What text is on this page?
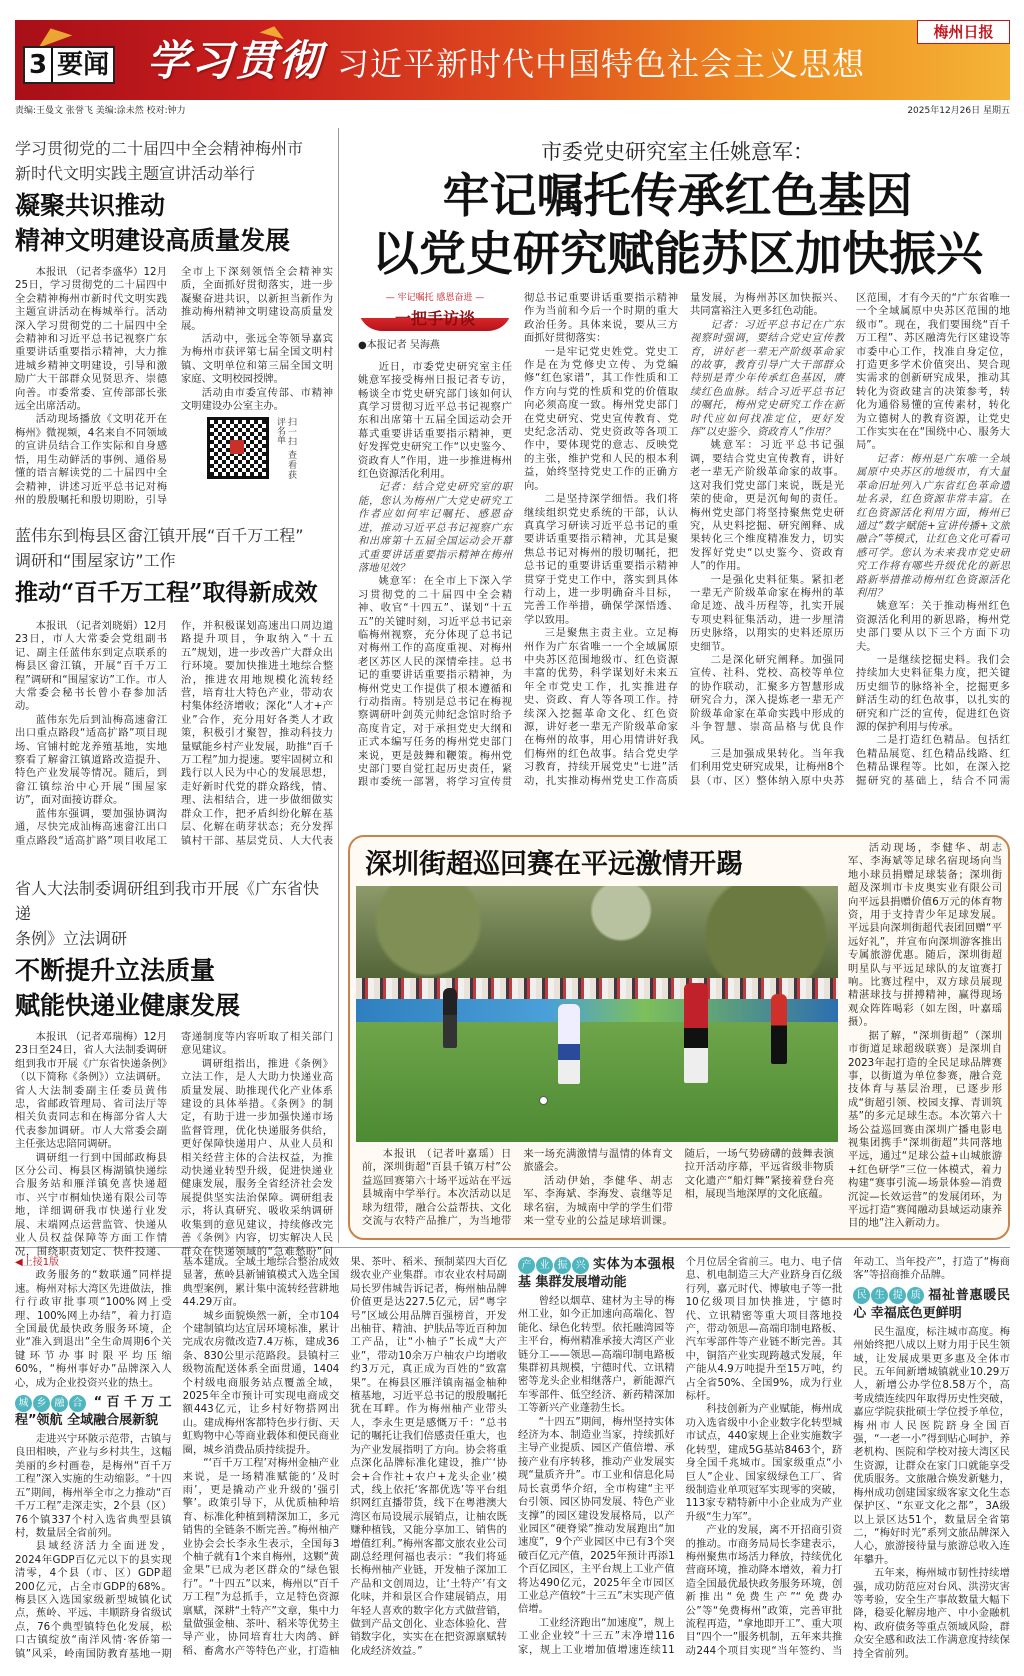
3 要闻 学习贯彻 习近平新时代中国特色社会主义思想
梅州日报
责编:王曼文 张誉飞 美编:涂未然 校对:钟力	2025年12月26日 星期五
学习贯彻党的二十届四中全会精神梅州市
新时代文明实践主题宣讲活动举行
凝聚共识推动
精神文明建设高质量发展

本报讯 （记者李盛华）12月25日，学习贯彻党的二十届四中全会精神梅州市新时代文明实践主题宣讲活动在梅城举行。活动深入学习贯彻党的二十届四中全会精神和习近平总书记视察广东重要讲话重要指示精神，大力推进城乡精神文明建设，引导和激励广大干部群众见贤思齐、崇德向善。市委常委、宣传部部长张远全出席活动。

活动现场播放《文明花开在梅州》微视频，4名来自不同领域的宣讲员结合工作实际和自身感悟，用生动鲜活的事例、通俗易懂的语言解读党的二十届四中全会精神，讲述习近平总书记对梅州的殷殷嘱托和殷切期盼，引导全市上下深刻领悟全会精神实质，全面抓好贯彻落实，进一步凝聚奋进共识，以新担当新作为推动梅州精神文明建设高质量发展。

活动中，张远全等领导嘉宾为梅州市获评第七届全国文明村镇、文明单位和第三届全国文明家庭、文明校园授牌。

活动由市委宣传部、市精神文明建设办公室主办。

扫一扫 查看获评名单
蓝伟东到梅县区畲江镇开展“百千万工程”
调研和“围屋家访”工作
推动“百千万工程”取得新成效

本报讯 （记者刘晓娟）12月23日，市人大常委会党组副书记、副主任蓝伟东到定点联系的梅县区畲江镇，开展“百千万工程”调研和“围屋家访”工作。市人大常委会秘书长曾小春参加活动。

蓝伟东先后到汕梅高速畲江出口重点路段“适高扩路”项目现场、官铺村蛇龙养殖基地，实地察看了解畲江镇道路改造提升、特色产业发展等情况。随后，到畲江镇综治中心开展“围屋家访”，面对面接访群众。

蓝伟东强调，要加强协调沟通，尽快完成汕梅高速畲江出口重点路段“适高扩路”项目收尾工作，并积极谋划高速出口周边道路提升项目，争取纳入“十五五”规划，进一步改善广大群众出行环境。要加快推进土地综合整治，推进农用地规模化流转经营，培育壮大特色产业，带动农村集体经济增收；深化“人才+产业”合作，充分用好各类人才政策，积极引才聚智，推动科技力量赋能乡村产业发展，助推“百千万工程”加力提速。要牢固树立和践行以人民为中心的发展思想，走好新时代党的群众路线，情、理、法相结合，进一步做细做实群众工作，把矛盾纠纷化解在基层、化解在萌芽状态；充分发挥镇村干部、基层党员、人大代表

省人大法制委调研组到我市开展《广东省快递
条例》立法调研
不断提升立法质量
赋能快递业健康发展

本报讯 （记者邓瑞梅）12月23日至24日，省人大法制委调研组到我市开展《广东省快递条例》（以下简称《条例》）立法调研。省人大法制委副主任委员黄伟忠，省邮政管理局、省司法厅等相关负责同志和在梅部分省人大代表参加调研。市人大常委会副主任张达忠陪同调研。

调研组一行到中国邮政梅县区分公司、梅县区梅湖镇快递综合服务站和雁洋镇免喜快递超市、兴宁市桐灿快递有限公司等地，详细调研我市快递行业发展、末端网点运营监管、快递从业人员权益保障等方面工作情况，围绕职责划定、快件投递、寄递制度等内容听取了相关部门意见建议。

调研组指出，推进《条例》立法工作，是人大助力快递业高质量发展、助推现代化产业体系建设的具体举措。《条例》的制定，有助于进一步加强快递市场监督管理，优化快递服务供给，更好保障快递用户、从业人员和相关经营主体的合法权益，为推动快递业转型升级，促进快递业健康发展，服务全省经济社会发展提供坚实法治保障。调研组表示，将认真研究、吸收采纳调研收集到的意见建议，持续修改完善《条例》内容，切实解决人民群众在快递领域的“急难愁盼”问

市委党史研究室主任姚意军：
牢记嘱托传承红色基因
以党史研究赋能苏区加快振兴
— 牢记嘱托 感恩奋进 —
一把手访谈
●本报记者 吴海燕

近日，市委党史研究室主任姚意军接受梅州日报记者专访，畅谈全市党史研究部门该如何认真学习贯彻习近平总书记视察广东和出席第十五届全国运动会开幕式重要讲话重要指示精神，更好发挥党史研究工作“以史鉴今、资政育人”作用，进一步推进梅州红色资源活化利用。

记者：结合党史研究室的职能，您认为梅州广大党史研究工作者应如何牢记嘱托、感恩奋进，推动习近平总书记视察广东和出席第十五届全国运动会开幕式重要讲话重要指示精神在梅州落地见效？

姚意军：在全市上下深入学习贯彻党的二十届四中全会精神、收官“十四五”、谋划“十五五”的关键时刻，习近平总书记亲临梅州视察，充分体现了总书记对梅州工作的高度重视、对梅州老区苏区人民的深情牵挂。总书记的重要讲话重要指示精神，为梅州党史工作提供了根本遵循和行动指南。特别是总书记在梅视察调研叶剑英元帅纪念馆时给予高度肯定，对于承担党史大纲和正式本编写任务的梅州党史部门来说，更是鼓舞和鞭策。梅州党史部门要自觉扛起历史责任，紧跟市委统一部署，将学习宣传贯彻总书记重要讲话重要指示精神作为当前和今后一个时期的重大政治任务。具体来说，要从三方面抓好贯彻落实：

一是牢记党史姓党。党史工作是在为党修史立传、为党编修“红色家谱”，其工作性质和工作方向与党的性质和党的价值取向必须高度一致。梅州党史部门在党史研究、党史宣传教育、党史纪念活动、党史资政等各项工作中，要体现党的意志、反映党的主张，维护党和人民的根本利益，始终坚持党史工作的正确方向。

二是坚持深学细悟。我们将继续组织党史系统的干部，认认真真学习研读习近平总书记的重要讲话重要指示精神，尤其是聚焦总书记对梅州的殷切嘱托，把总书记的重要讲话重要指示精神贯穿于党史工作中，落实到具体行动上，进一步明确奋斗目标，完善工作举措，确保学深悟透、学以致用。

三是聚焦主责主业。立足梅州作为广东省唯一一个全域属原中央苏区范围地级市、红色资源丰富的优势，科学谋划好未来五年全市党史工作，扎实推进存史、资政、育人等各项工作。持续深入挖掘革命文化、红色资源，讲好老一辈无产阶级革命家在梅州的故事，用心用情讲好我们梅州的红色故事。结合党史学习教育，持续开展党史“七进”活动，扎实推动梅州党史工作高质量发展，为梅州苏区加快振兴、共同富裕注入更多红色动能。

记者：习近平总书记在广东视察时强调，要结合党史宣传教育，讲好老一辈无产阶级革命家的故事，教育引导广大干部群众特别是青少年传承红色基因，赓续红色血脉。结合习近平总书记的嘱托，梅州党史研究工作在新时代应如何找准定位，更好发挥“以史鉴今、资政育人”作用？

姚意军：习近平总书记强调，要结合党史宣传教育，讲好老一辈无产阶级革命家的故事。这对我们党史部门来说，既是光荣的使命，更是沉甸甸的责任。梅州党史部门将坚持聚焦党史研究，从史料挖掘、研究阐释、成果转化三个维度精准发力，切实发挥好党史“以史鉴今、资政育人”的作用。

一是强化史料征集。紧扣老一辈无产阶级革命家在梅州的革命足迹、战斗历程等，扎实开展专项史料征集活动，进一步厘清历史脉络，以翔实的史料还原历史细节。

二是深化研究阐释。加强同宣传、社科、党校、高校等单位的协作联动，汇聚多方智慧形成研究合力，深入提炼老一辈无产阶级革命家在革命实践中形成的斗争智慧、崇高品格与优良作风。

三是加强成果转化。当年我们利用党史研究成果，让梅州8个县（市、区）整体纳入原中央苏区范围，才有今天的“广东省唯一一个全域属原中央苏区范围的地级市”。现在，我们要围绕“百千万工程”、苏区融湾先行区建设等市委中心工作，找准自身定位，打造更多学术价值突出、契合现实需求的创新研究成果，推动其转化为资政建言的决策参考，转化为通俗易懂的宣传素材，转化为立德树人的教育资源，让党史工作实实在在“围绕中心、服务大局”。

记者：梅州是广东唯一全域属原中央苏区的地级市，有大量革命旧址列入广东省红色革命遗址名录，红色资源非常丰富。在红色资源活化利用方面，梅州已通过“数字赋能+宣讲传播+文旅融合”等模式，让红色文化可看可感可学。您认为未来我市党史研究工作将有哪些升级优化的新思路新举措推动梅州红色资源活化利用？

姚意军：关于推动梅州红色资源活化利用的新思路，梅州党史部门要从以下三个方面下功夫。

一是继续挖掘史料。我们会持续加大史料征集力度，把关键历史细节的脉络补全，挖掘更多鲜活生动的红色故事，以扎实的研究和广泛的宣传，促进红色资源的保护利用与传承。

二是打造红色精品。包括红色精品展览、红色精品线路、红色精品课程等。比如，在深入挖掘研究的基础上，结合不同需

深圳街超巡回赛在平远激情开踢

本报讯 （记者叶嘉瑶）日前，深圳街超“百县千镇万村”公益巡回赛第六十场平远站在平远县城南中学举行。本次活动以足球为纽带，融合公益帮扶、文化交流与农特产品推广，为当地带来一场充满激情与温情的体育文旅盛会。

活动伊始，李健华、胡志军、李海斌、李海发、袁继等足球名宿，为城南中学的学生们带来一堂专业的公益足球培训课。随后，一场气势磅礴的鼓舞表演拉开活动序幕，平远省级非物质文化遗产“船灯舞”紧接着登台亮相，展现当地深厚的文化底蕴。

活动现场，李健华、胡志军、李海斌等足球名宿现场向当地小球员捐赠足球装备；深圳街超及深圳市卡皮奥实业有限公司向平远县捐赠价值6万元的体育物资，用于支持青少年足球发展。平远县向深圳街超代表团回赠“平远好礼”，并宣布向深圳游客推出专属旅游优惠。随后，深圳街超明星队与平远足球队的友谊赛打响。比赛过程中，双方球员展现精湛球技与拼搏精神，赢得现场观众阵阵喝彩（如左图，叶嘉瑶摄）。

据了解，“深圳街超”（深圳市街道足球超级联赛）是深圳自2023年起打造的全民足球品牌赛事，以街道为单位参赛，融合竞技体育与基层治理，已逐步形成“街超引领、校园支撑、青训筑基”的多元足球生态。本次第六十场公益巡回赛由深圳广播电影电视集团携手“深圳街超”共同落地平远，通过“足球公益+山城旅游+红色研学”三位一体模式，着力构建“赛事引流—场景体验—消费沉淀—长效运营”的发展闭环，为平远打造“赛闻融动县域运动康养目的地”注入新动力。

◀上接1版

政务服务的“数联通”同样提速。梅州对标大湾区先进做法，推行行政审批事项“100%网上受理、100%网上办结”，着力打造全国最优最快政务服务环境，企业“准入到退出”全生命周期6个关键环节办事时限平均压缩60%，“梅州事好办”品牌深入人心，成为企业投资兴业的热土。

城 乡 融 合 “百千万工程”领航 全域融合展新貌

走进兴宁环陂示范带，古镇与良田相映，产业与乡村共生，这幅美丽的乡村画卷，是梅州“百千万工程”深入实施的生动缩影。“十四五”期间，梅州举全市之力推动“百千万工程”走深走实，2个县（区）76个镇337个村入选省典型县镇村，数量居全省前列。

县域经济活力全面迸发，2024年GDP百亿元以下的县实现清零，4个县（市、区）GDP超200亿元，占全市GDP的68%。梅县区入选国家级新型城镇化试点，蕉岭、平远、丰顺跻身省级试点，76个典型镇特色化发展，松口古镇绽放“南洋风情·客侨第一镇”风采，岭南国防教育基地一期基本建成。全域土地综合整治成效显著，蕉岭县新铺镇模式入选全国典型案例，累计集中流转经营耕地44.29万亩。

城乡面貌焕然一新，全市104个建制镇均达宜居环境标准，累计完成农房微改造7.4万栋，建成36条、830公里示范路段。县镇村三级物流配送体系全面贯通，1404个村级电商服务站点覆盖全域，2025年全市预计可实现电商成交额443亿元，让乡村好物搭网出山。建成梅州客都特色步行街、天虹购物中心等商业载体和便民商业圈，城乡消费品质持续提升。

“‘百千万工程’对梅州金柚产业来说，是一场精准赋能的‘及时雨’，更是撬动产业升级的‘强引擎’。政策引导下，从优质柚种培育、标准化种植到精深加工，多元销售的全链条不断完善。”梅州柚产业协会会长李永生表示，全国每3个柚子就有1个来自梅州，这颗“黄金果”已成为老区群众的“绿色银行”。“十四五”以来，梅州以“百千万工程”为总抓手，立足特色资源禀赋，深耕“土特产”文章，集中力量做强金柚、茶叶、稻米等优势主导产业，协同培育壮大肉鸽、鲜稻、畜禽水产等特色产业，打造柚果、茶叶、稻米、预制菜四大百亿级农业产业集群。市农业农村局副局长罗伟城告诉记者，梅州柚品牌价值更是达227.5亿元，居“粤字号”区域公用品牌百强榜首，开发出柚苷、精油、护肤品等近百种加工产品，让“小柚子”长成“大产业”，带动10余万户柚农户均增收约3万元，真正成为百姓的“致富果”。在梅县区雁洋镇南福金柚种植基地，习近平总书记的殷殷嘱托犹在耳畔。作为梅州柚产业带头人，李永生更是感慨万千：“总书记的嘱托让我们倍感责任重大，也为产业发展指明了方向。协会将重点深化品牌标准化建设，推广‘协会+合作社+农户+龙头企业’模式，线上依托‘客都优选’等平台组织网红直播带货，线下在粤港澳大湾区布局设展示展销点，让柚农既赚种植钱，又能分享加工、销售的增值红利。”梅州客都文旅农业公司副总经理何福也表示：“我们将延长梅州柚产业链，开发柚子深加工产品和文创周边，让‘土特产’有文化味，并和景区合作建展销点，用年轻人喜欢的数字化方式做营销，做到产品文创化、业态体验化、营销数字化，实实在在把资源禀赋转化成经济效益。”

产 业 振 兴 实体为本强根基 集群发展增动能

曾经以烟草、建材为主导的梅州工业，如今正加速向高端化、智能化、绿色化转型。依托融湾园等主平台，梅州精准承接大湾区产业链分工——领思—高端印制电路板集群初具规模，宁德时代、立讯精密等龙头企业相继落户，新能源汽车零部件、低空经济、新药精深加工等新兴产业蓬勃生长。

“十四五”期间，梅州坚持实体经济为本、制造业当家，持续抓好主导产业提质、园区产值倍增、承接产业有序转移，推动产业发展实现“量质齐升”。市工业和信息化局局长袁勇华介绍，全市构建“主平台引领、园区协同发展、特色产业支撑”的园区建设发展格局，以产业园区“硬脊梁”推动发展跑出“加速度”，9个产业园区中已有3个突破百亿元产值，2025年预计再添1个百亿园区，主平台规上工业产值将达490亿元，2025年全市园区工业总产值较“十三五”末实现产值倍增。

工业经济跑出“加速度”，规上工业企业较“十三五”末净增116家，规上工业增加值增速连续11个月位居全省前三。电力、电子信息、机电制造三大产业跻身百亿级行列，嘉元时代、博敏电子等一批10亿级项目加快推进，宁德时代、立讯精密等重大项目落地投产，带动领思—高端印制电路板、汽车零部件等产业链不断完善。其中，铜箔产业实现跨越式发展，年产能从4.9万吨提升至15万吨，约占全省50%、全国9%，成为行业标杆。

科技创新为产业赋能，梅州成功入选省级中小企业数字化转型城市试点，440家规上企业实施数字化转型，建成5G基站8463个，跻身全国千兆城市。国家级重点“小巨人”企业、国家级绿色工厂、省级制造业单项冠军实现零的突破，113家专精特新中小企业成为产业升级“生力军”。

产业的发展，离不开招商引资的推动。市商务局局长李建表示，梅州聚焦市场活力释放，持续优化营商环境，推动降本增效，着力打造全国最优最快政务服务环境，创新推出“免费生产”“免费办公”等“免费梅州”政策，完善审批流程再造，“拿地即开工”、重大项目“四个一”服务机制，五年来共推动244个项目实现“当年签约、当年动工、当年投产”，打造了“梅商客”等招商推介品牌。

民 生 提 质 福祉普惠暖民心 幸福底色更鲜明

民生温度，标注城市高度。梅州始终把八成以上财力用于民生领域，让发展成果更多惠及全体市民。五年间新增城镇就业10.29万人，新增公办学位8.58万个，高考成绩连续四年取得历史性突破，嘉应学院获批硕士学位授予单位，梅州市人民医院跻身全国百强，“一老一小”得到贴心呵护，养老机构、医院和学校对接大湾区民生资源，让群众在家门口就能享受优质服务。文旅融合焕发新魅力，梅州成功创建国家级客家文化生态保护区、“东亚文化之都”，3A级以上景区达51个，数量居全省第二，“梅好时光”系列文旅品牌深入人心，旅游接待量与旅游总收入连年攀升。

五年来，梅州城市韧性持续增强，成功防范应对台风、洪涝灾害等考验，安全生产事故数量大幅下降，稳妥化解房地产、中小金融机构、政府债务等重点领域风险，群众安全感和政法工作满意度持续保持全省前列。
